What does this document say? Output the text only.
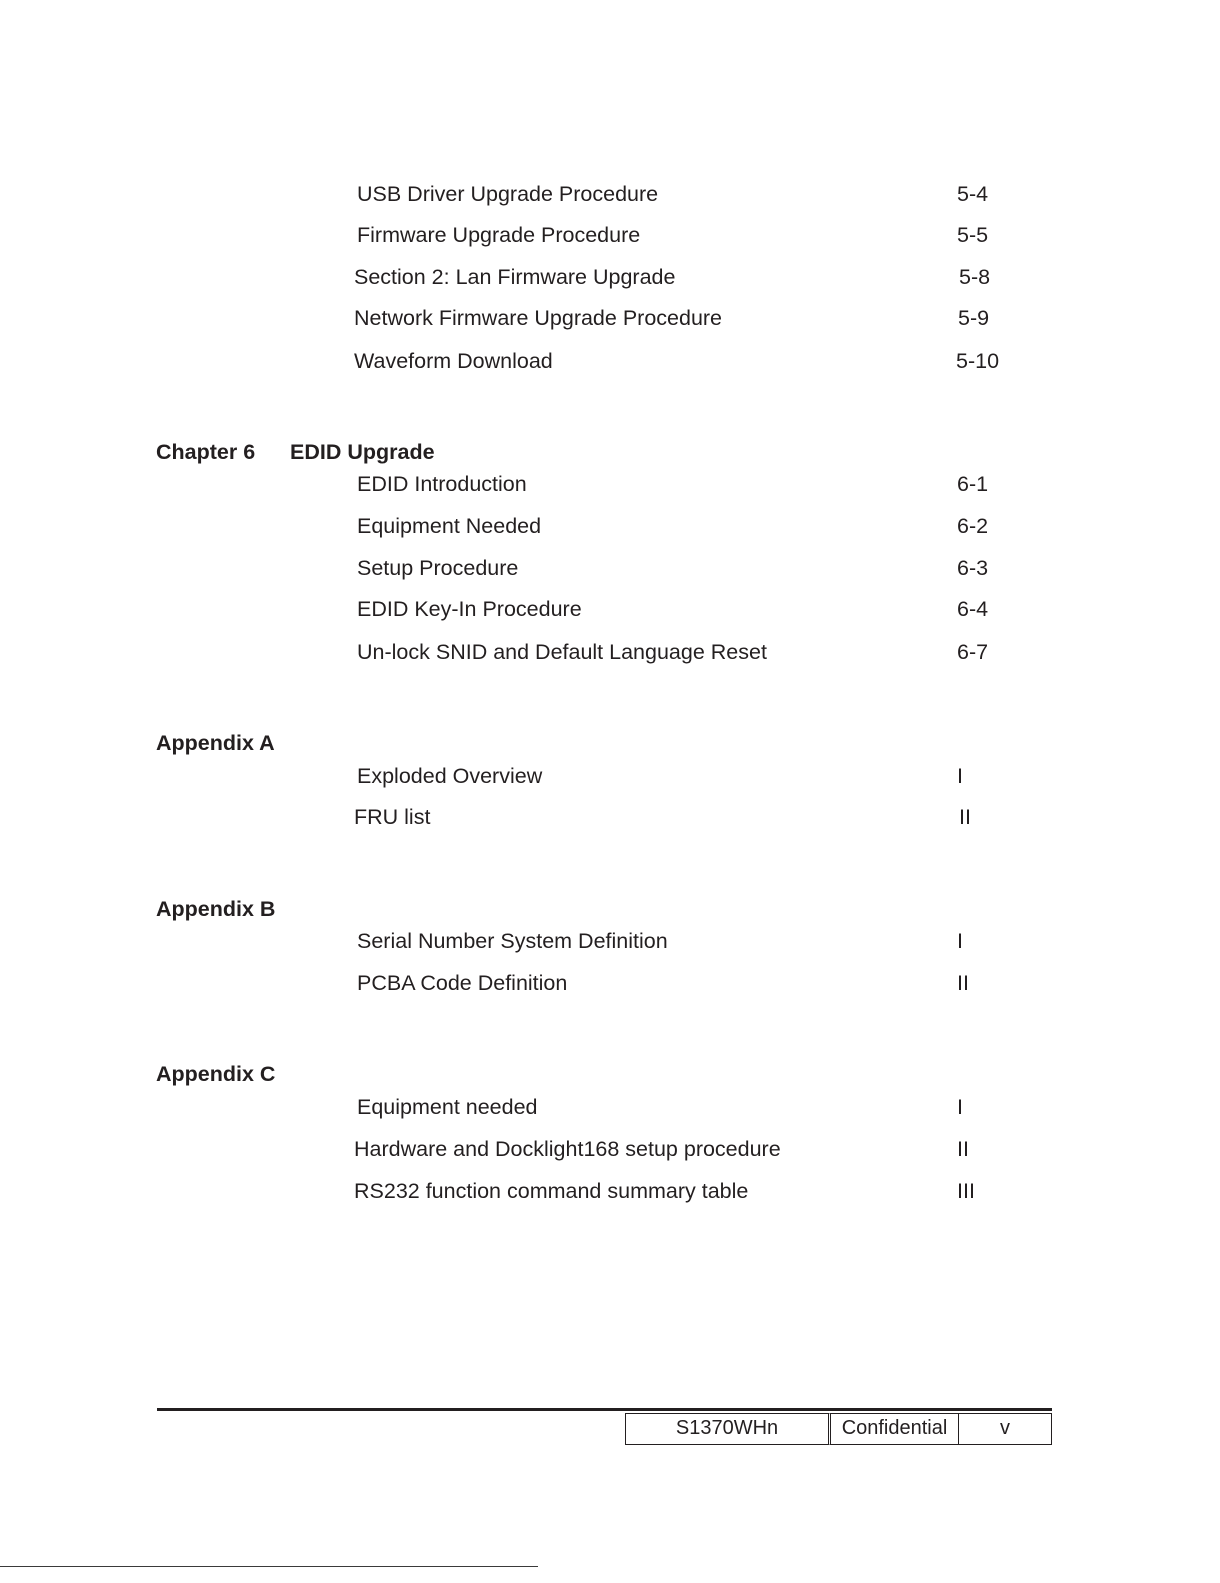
USB Driver Upgrade Procedure	5-4
Firmware Upgrade Procedure	5-5
Section 2: Lan Firmware Upgrade	5-8
Network Firmware Upgrade Procedure	5-9
Waveform Download	5-10
Chapter 6 EDID Upgrade
EDID Introduction	6-1
Equipment Needed	6-2
Setup Procedure	6-3
EDID Key-In Procedure	6-4
Un-lock SNID and Default Language Reset	6-7
Appendix A
Exploded Overview	I
FRU list	II
Appendix B
Serial Number System Definition	I
PCBA Code Definition	II
Appendix C
Equipment needed	I
Hardware and Docklight168 setup procedure	II
RS232 function command summary table	III
S1370WHn	Confidential	v
